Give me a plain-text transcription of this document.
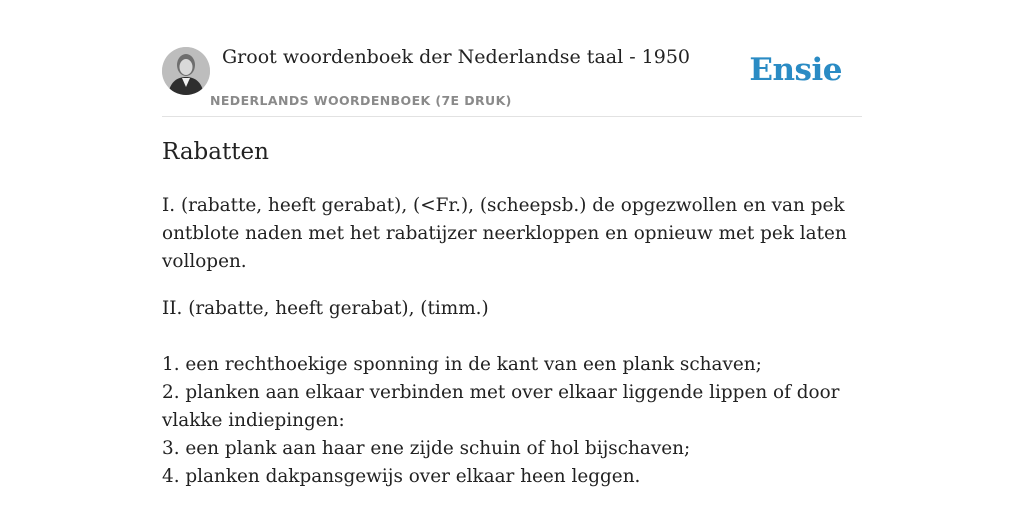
Groot woordenboek der Nederlandse taal - 1950
NEDERLANDS WOORDENBOEK (7E DRUK)
Ensie
Rabatten

I. (rabatte, heeft gerabat), (<Fr.), (scheepsb.) de opgezwollen en van pek ontblote naden met het rabatijzer neerkloppen en opnieuw met pek laten vollopen.

II. (rabatte, heeft gerabat), (timm.)

1. een rechthoekige sponning in de kant van een plank schaven;
2. planken aan elkaar verbinden met over elkaar liggende lippen of door vlakke indiepingen:
3. een plank aan haar ene zijde schuin of hol bijschaven;
4. planken dakpansgewijs over elkaar heen leggen.
